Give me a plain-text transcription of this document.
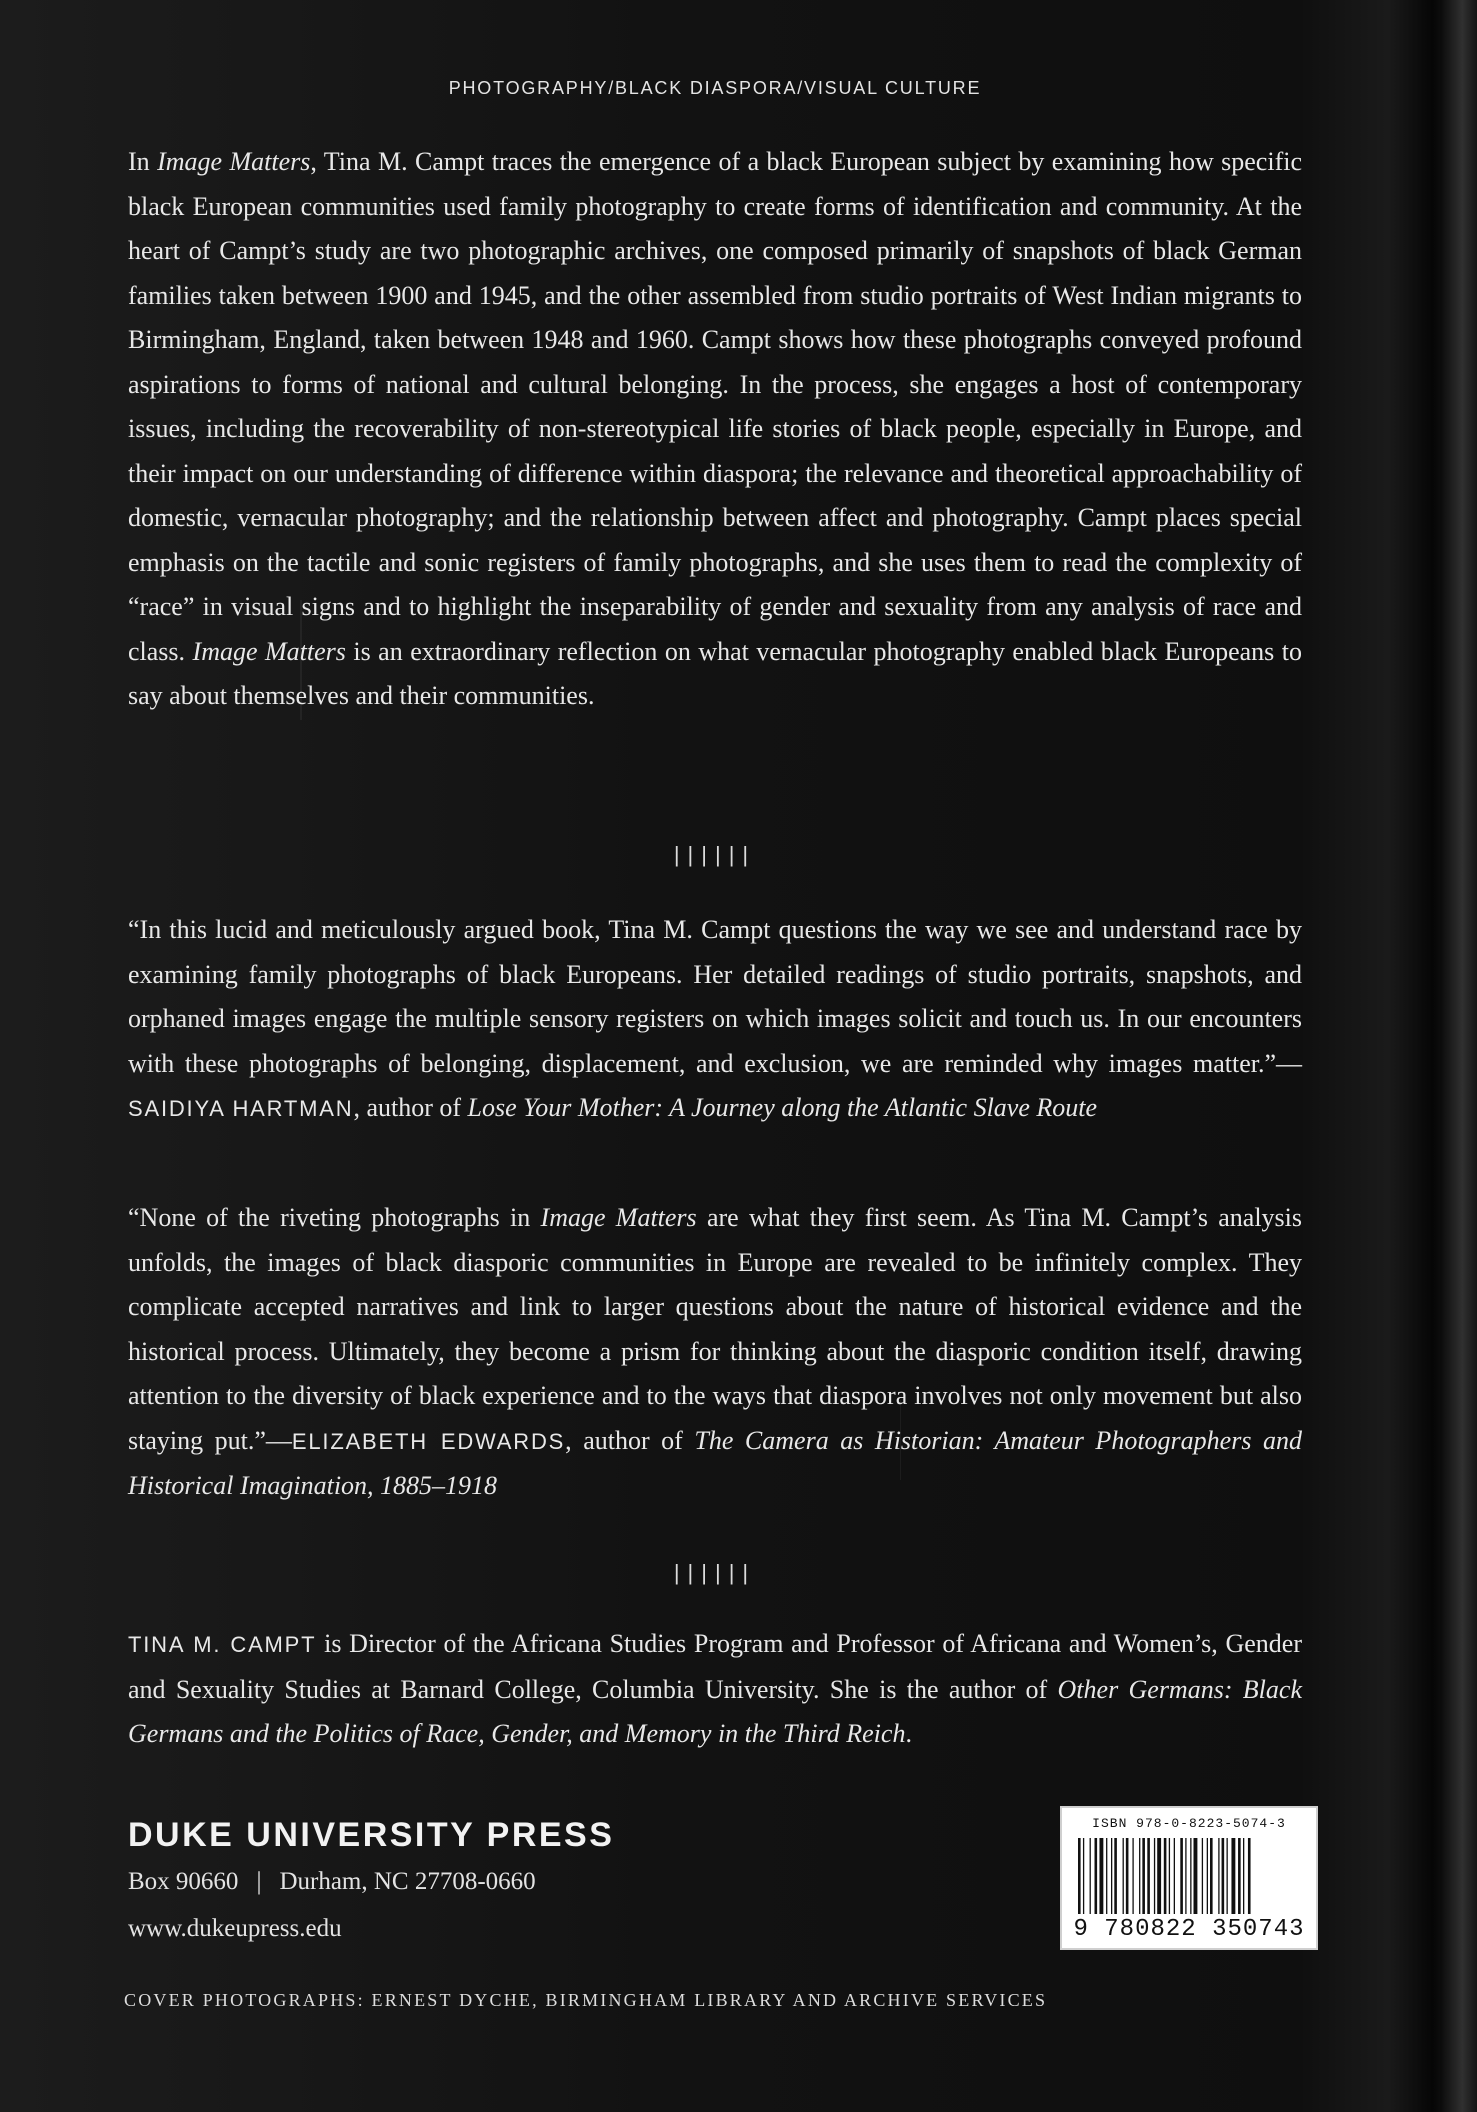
PHOTOGRAPHY/BLACK DIASPORA/VISUAL CULTURE
In Image Matters, Tina M. Campt traces the emergence of a black European subject by examining how specific black European communities used family photography to create forms of identification and community. At the heart of Campt’s study are two photographic archives, one composed primarily of snapshots of black German families taken between 1900 and 1945, and the other assembled from studio portraits of West Indian migrants to Birmingham, England, taken between 1948 and 1960. Campt shows how these photographs conveyed profound aspirations to forms of national and cultural belonging. In the process, she engages a host of contemporary issues, including the recoverability of non-stereotypical life stories of black people, especially in Europe, and their impact on our understanding of difference within diaspora; the relevance and theoretical approachability of domestic, vernacular photography; and the relationship between affect and photography. Campt places special emphasis on the tactile and sonic registers of family photographs, and she uses them to read the complexity of “race” in visual signs and to highlight the inseparability of gender and sexuality from any analysis of race and class. Image Matters is an extraordinary reflection on what vernacular photography enabled black Europeans to say about themselves and their communities.
||||||
“In this lucid and meticulously argued book, Tina M. Campt questions the way we see and understand race by examining family photographs of black Europeans. Her detailed readings of studio portraits, snapshots, and orphaned images engage the multiple sensory registers on which images solicit and touch us. In our encounters with these photographs of belonging, displacement, and exclusion, we are reminded why images matter.”—SAIDIYA HARTMAN, author of Lose Your Mother: A Journey along the Atlantic Slave Route
“None of the riveting photographs in Image Matters are what they first seem. As Tina M. Campt’s analysis unfolds, the images of black diasporic communities in Europe are revealed to be infinitely complex. They complicate accepted narratives and link to larger questions about the nature of historical evidence and the historical process. Ultimately, they become a prism for thinking about the diasporic condition itself, drawing attention to the diversity of black experience and to the ways that diaspora involves not only movement but also staying put.”—ELIZABETH EDWARDS, author of The Camera as Historian: Amateur Photographers and Historical Imagination, 1885–1918
||||||
TINA M. CAMPT is Director of the Africana Studies Program and Professor of Africana and Women’s, Gender and Sexuality Studies at Barnard College, Columbia University. She is the author of Other Germans: Black Germans and the Politics of Race, Gender, and Memory in the Third Reich.
DUKE UNIVERSITY PRESS
Box 90660 | Durham, NC 27708-0660
www.dukeupress.edu
ISBN 978-0-8223-5074-3
9 780822 350743
COVER PHOTOGRAPHS: ERNEST DYCHE, BIRMINGHAM LIBRARY AND ARCHIVE SERVICES
